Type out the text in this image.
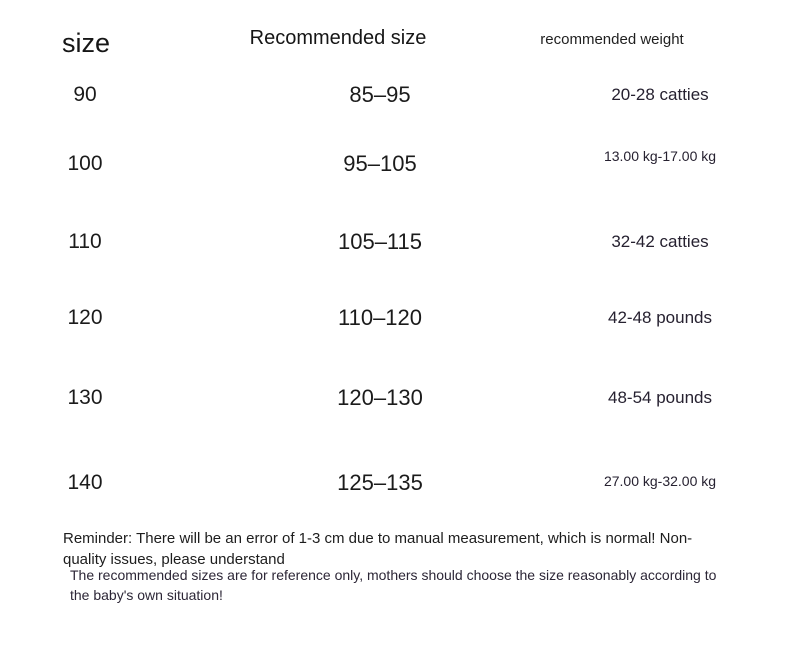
size	Recommended size	recommended weight
90	85–95	20-28 catties
100	95–105	13.00 kg-17.00 kg
110	105–115	32-42 catties
120	110–120	42-48 pounds
130	120–130	48-54 pounds
140	125–135	27.00 kg-32.00 kg

Reminder: There will be an error of 1-3 cm due to manual measurement, which is normal! Non-quality issues, please understand

The recommended sizes are for reference only, mothers should choose the size reasonably according to the baby's own situation!
